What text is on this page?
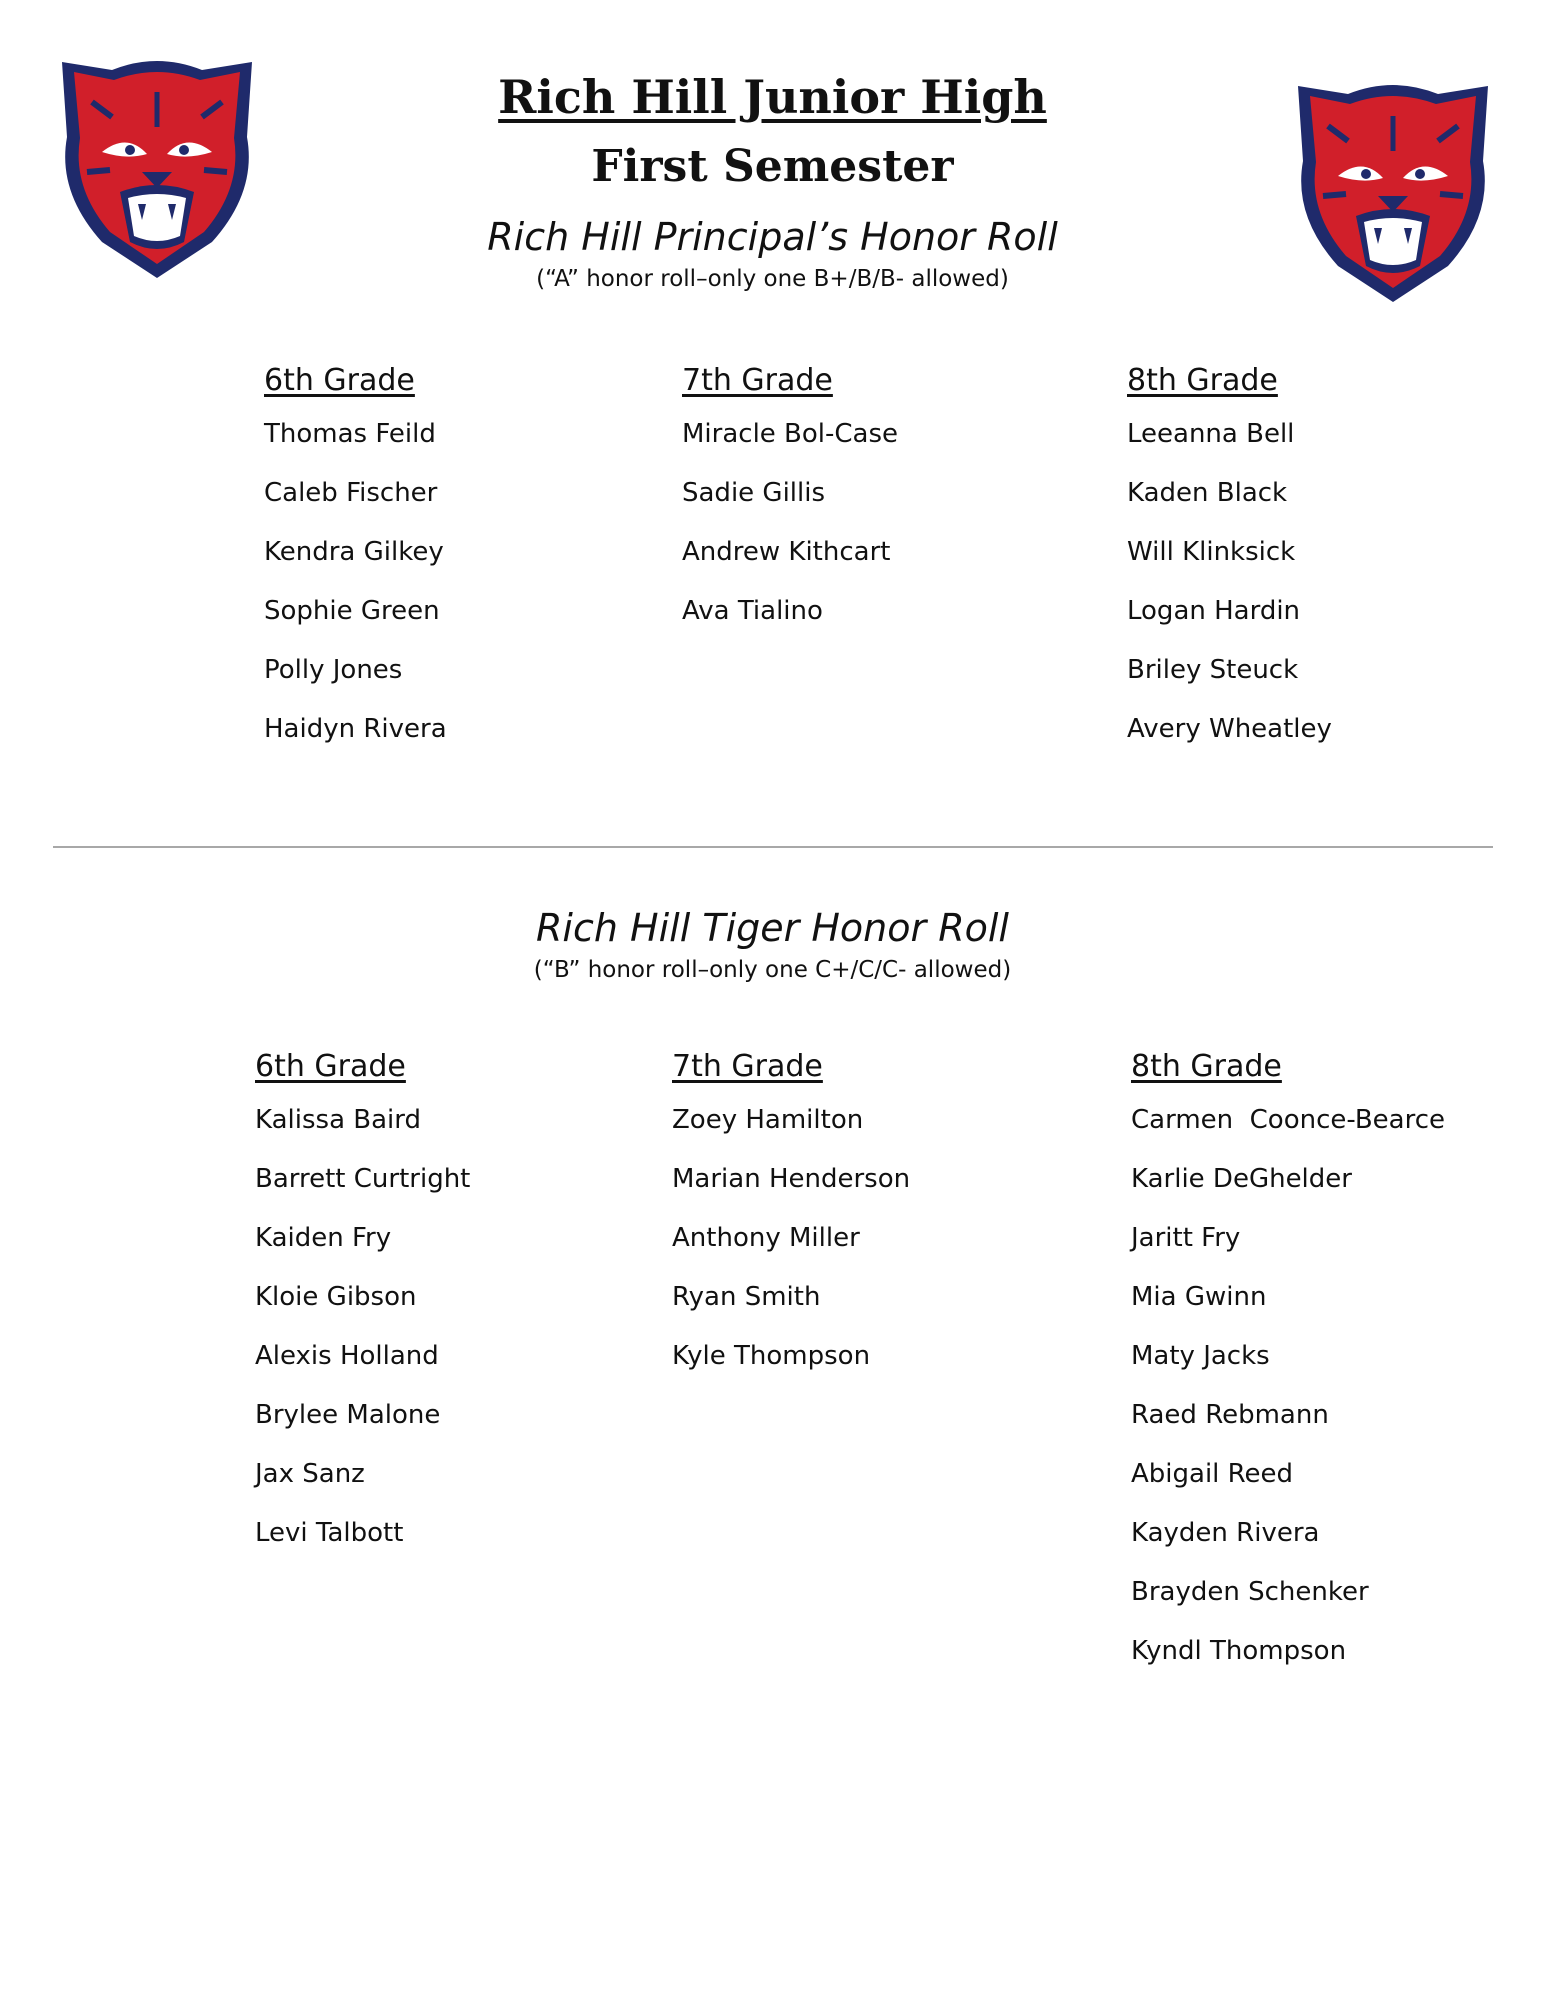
Rich Hill Junior High
First Semester
Rich Hill Principal’s Honor Roll
(“A” honor roll–only one B+/B/B- allowed)
6th Grade
Thomas Feild
Caleb Fischer
Kendra Gilkey
Sophie Green
Polly Jones
Haidyn Rivera
7th Grade
Miracle Bol-Case
Sadie Gillis
Andrew Kithcart
Ava Tialino
8th Grade
Leeanna Bell
Kaden Black
Will Klinksick
Logan Hardin
Briley Steuck
Avery Wheatley
Rich Hill Tiger Honor Roll
(“B” honor roll–only one C+/C/C- allowed)
6th Grade
Kalissa Baird
Barrett Curtright
Kaiden Fry
Kloie Gibson
Alexis Holland
Brylee Malone
Jax Sanz
Levi Talbott
7th Grade
Zoey Hamilton
Marian Henderson
Anthony Miller
Ryan Smith
Kyle Thompson
8th Grade
Carmen  Coonce-Bearce
Karlie DeGhelder
Jaritt Fry
Mia Gwinn
Maty Jacks
Raed Rebmann
Abigail Reed
Kayden Rivera
Brayden Schenker
Kyndl Thompson
